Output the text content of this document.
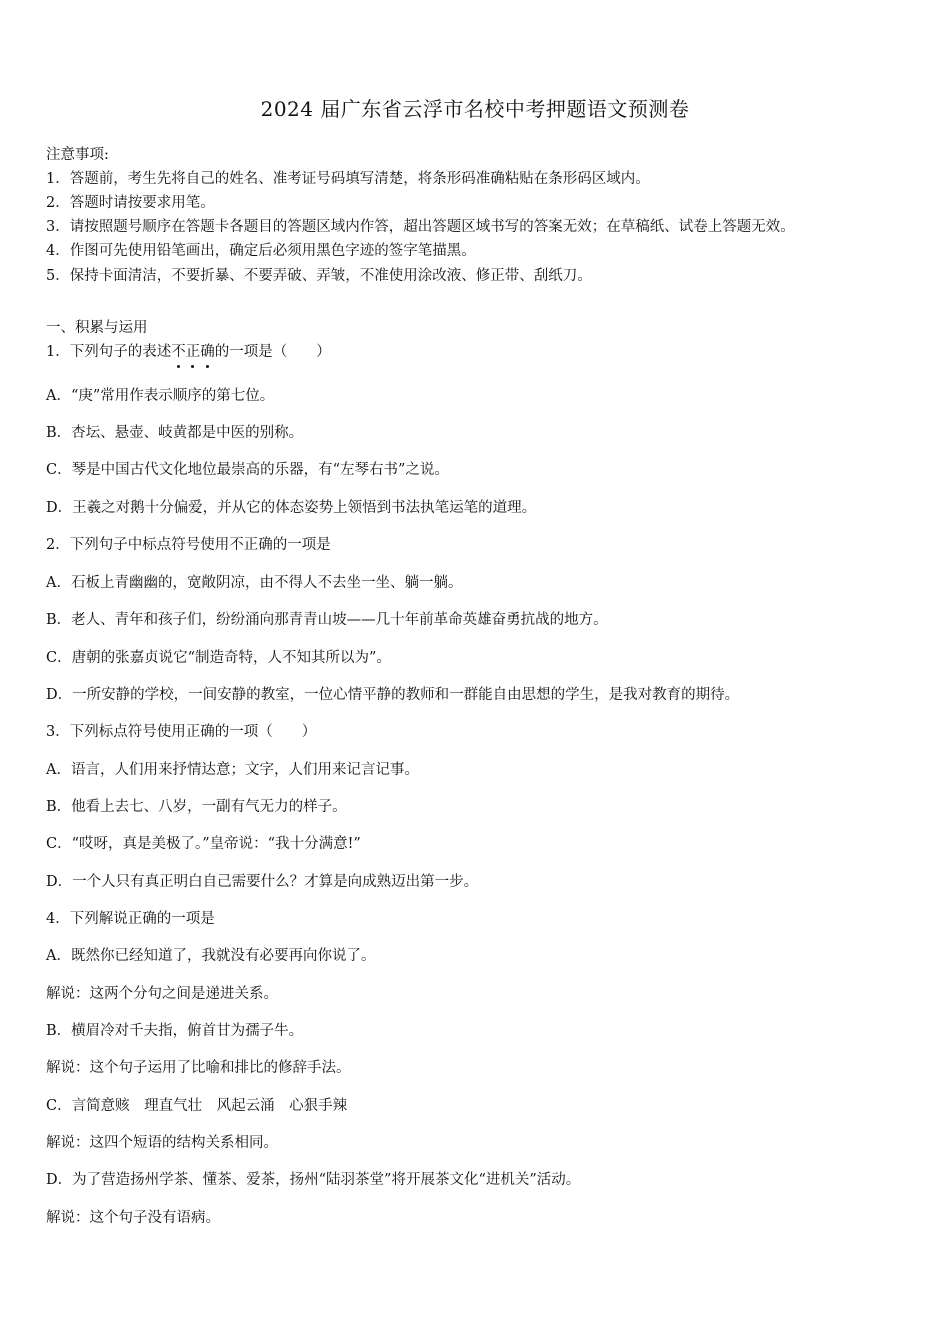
2024 届广东省云浮市名校中考押题语文预测卷
注意事项:
1．答题前，考生先将自己的姓名、准考证号码填写清楚，将条形码准确粘贴在条形码区域内。
2．答题时请按要求用笔。
3．请按照题号顺序在答题卡各题目的答题区域内作答，超出答题区域书写的答案无效；在草稿纸、试卷上答题无效。
4．作图可先使用铅笔画出，确定后必须用黑色字迹的签字笔描黑。
5．保持卡面清洁，不要折暴、不要弄破、弄皱，不准使用涂改液、修正带、刮纸刀。
一、积累与运用
1．下列句子的表述不正确的一项是（　　）
A．“庚”常用作表示顺序的第七位。
B．杏坛、悬壶、岐黄都是中医的别称。
C．琴是中国古代文化地位最崇高的乐器，有“左琴右书”之说。
D．王羲之对鹅十分偏爱，并从它的体态姿势上领悟到书法执笔运笔的道理。
2．下列句子中标点符号使用不正确的一项是
A．石板上青幽幽的，宽敞阴凉，由不得人不去坐一坐、躺一躺。
B．老人、青年和孩子们，纷纷涌向那青青山坡——几十年前革命英雄奋勇抗战的地方。
C．唐朝的张嘉贞说它“制造奇特，人不知其所以为”。
D．一所安静的学校，一间安静的教室，一位心情平静的教师和一群能自由思想的学生，是我对教育的期待。
3．下列标点符号使用正确的一项（　　）
A．语言，人们用来抒情达意；文字，人们用来记言记事。
B．他看上去七、八岁，一副有气无力的样子。
C．“哎呀，真是美极了。”皇帝说：“我十分满意!”
D．一个人只有真正明白自己需要什么？才算是向成熟迈出第一步。
4．下列解说正确的一项是
A．既然你已经知道了，我就没有必要再向你说了。
解说：这两个分句之间是递进关系。
B．横眉冷对千夫指，俯首甘为孺子牛。
解说：这个句子运用了比喻和排比的修辞手法。
C．言简意赅　理直气壮　风起云涌　心狠手辣
解说：这四个短语的结构关系相同。
D．为了营造扬州学茶、懂茶、爱茶，扬州“陆羽茶堂”将开展茶文化“进机关”活动。
解说：这个句子没有语病。
